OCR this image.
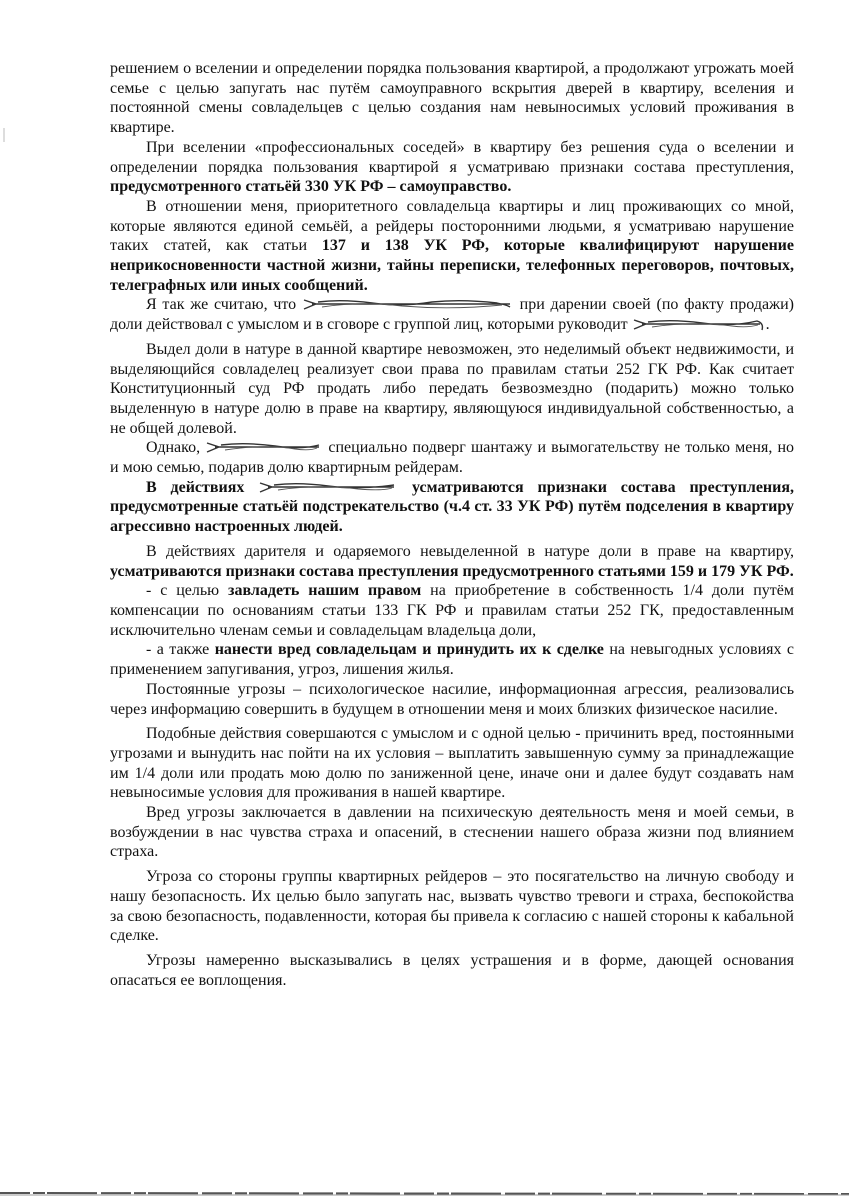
решением о вселении и определении порядка пользования квартирой, а продолжают угрожать моей семье с целью запугать нас путём самоуправного вскрытия дверей в квартиру, вселения и постоянной смены совладельцев с целью создания нам невыносимых условий проживания в квартире.

При вселении «профессиональных соседей» в квартиру без решения суда о вселении и определении порядка пользования квартирой я усматриваю признаки состава преступления, предусмотренного статьёй 330 УК РФ – самоуправство.

В отношении меня, приоритетного совладельца квартиры и лиц проживающих со мной, которые являются единой семьёй, а рейдеры посторонними людьми, я усматриваю нарушение таких статей, как статьи 137 и 138 УК РФ, которые квалифицируют нарушение неприкосновенности частной жизни, тайны переписки, телефонных переговоров, почтовых, телеграфных или иных сообщений.

Я так же считаю, что	при дарении своей (по факту продажи) доли действовал с умыслом и в сговоре с группой лиц, которыми руководит	.

Выдел доли в натуре в данной квартире невозможен, это неделимый объект недвижимости, и выделяющийся совладелец реализует свои права по правилам статьи 252 ГК РФ. Как считает Конституционный суд РФ продать либо передать безвозмездно (подарить) можно только выделенную в натуре долю в праве на квартиру, являющуюся индивидуальной собственностью, а не общей долевой.

Однако,	специально подверг шантажу и вымогательству не только меня, но и мою семью, подарив долю квартирным рейдерам.

В действиях	усматриваются признаки состава преступления, предусмотренные статьёй подстрекательство (ч.4 ст. 33 УК РФ) путём подселения в квартиру агрессивно настроенных людей.

В действиях дарителя и одаряемого невыделенной в натуре доли в праве на квартиру, усматриваются признаки состава преступления предусмотренного статьями 159 и 179 УК РФ.

- с целью завладеть нашим правом на приобретение в собственность 1/4 доли путём компенсации по основаниям статьи 133 ГК РФ и правилам статьи 252 ГК, предоставленным исключительно членам семьи и совладельцам владельца доли,

- а также нанести вред совладельцам и принудить их к сделке на невыгодных условиях с применением запугивания, угроз, лишения жилья.

Постоянные угрозы – психологическое насилие, информационная агрессия, реализовались через информацию совершить в будущем в отношении меня и моих близких физическое насилие.

Подобные действия совершаются с умыслом и с одной целью - причинить вред, постоянными угрозами и вынудить нас пойти на их условия – выплатить завышенную сумму за принадлежащие им 1/4 доли или продать мою долю по заниженной цене, иначе они и далее будут создавать нам невыносимые условия для проживания в нашей квартире.

Вред угрозы заключается в давлении на психическую деятельность меня и моей семьи, в возбуждении в нас чувства страха и опасений, в стеснении нашего образа жизни под влиянием страха.

Угроза со стороны группы квартирных рейдеров – это посягательство на личную свободу и нашу безопасность. Их целью было запугать нас, вызвать чувство тревоги и страха, беспокойства за свою безопасность, подавленности, которая бы привела к согласию с нашей стороны к кабальной сделке.

Угрозы намеренно высказывались в целях устрашения и в форме, дающей основания опасаться ее воплощения.
